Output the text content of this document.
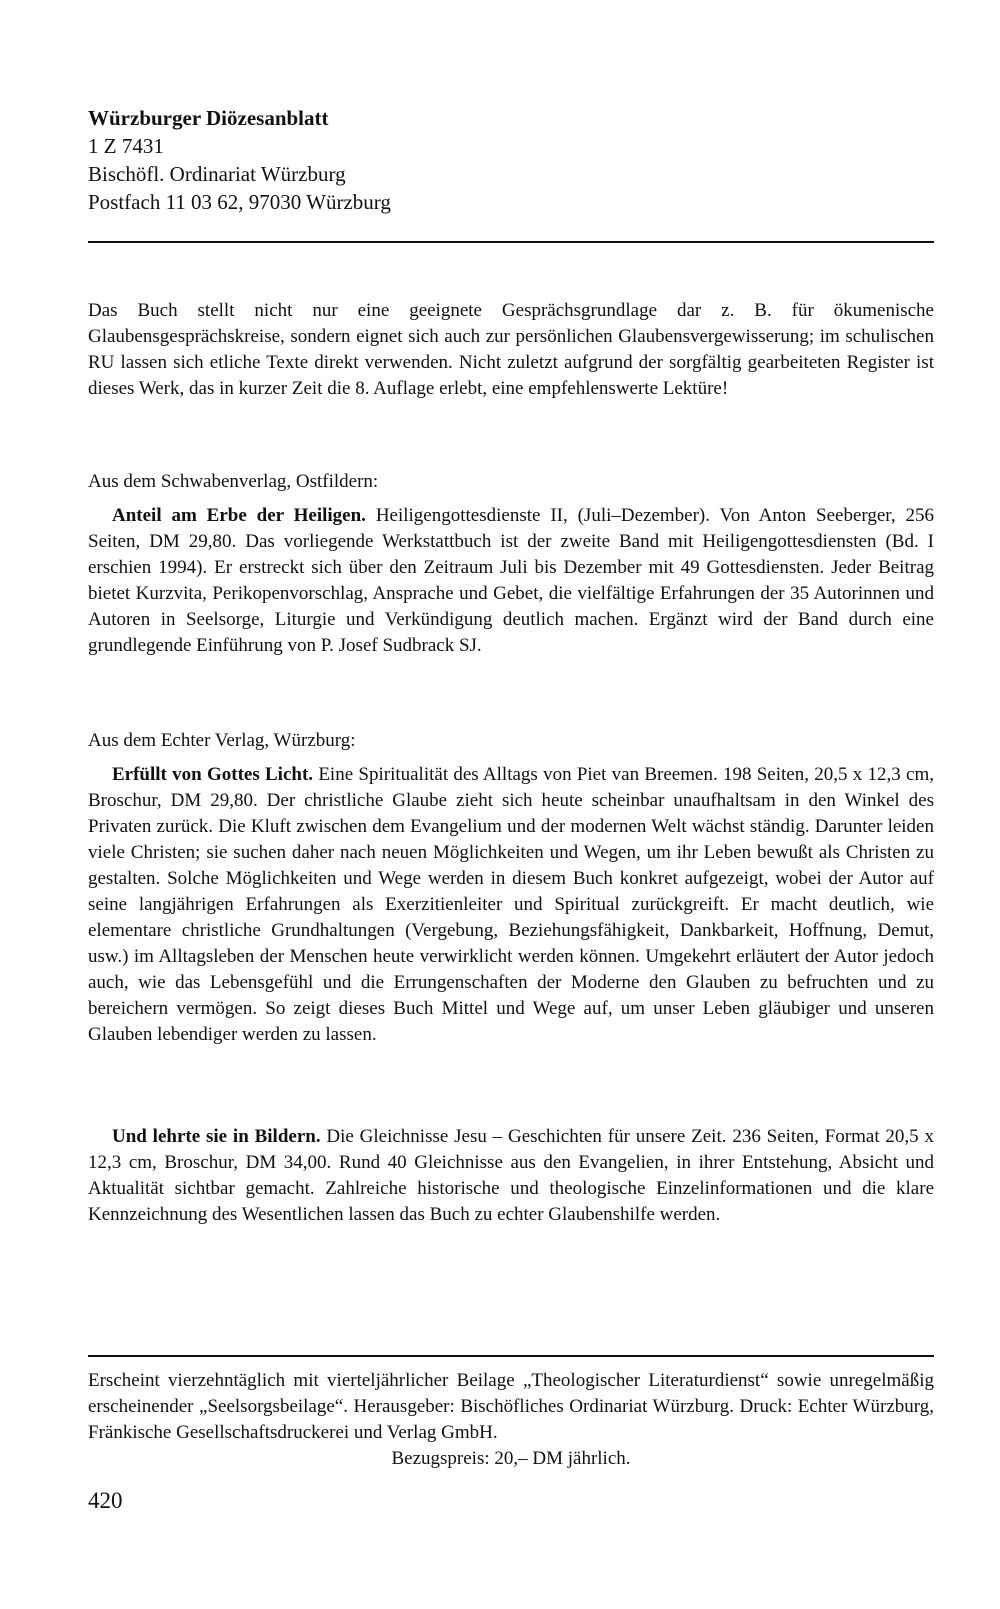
Würzburger Diözesanblatt
1 Z 7431
Bischöfl. Ordinariat Würzburg
Postfach 11 03 62, 97030 Würzburg
Das Buch stellt nicht nur eine geeignete Gesprächsgrundlage dar z. B. für ökumenische Glaubensgesprächskreise, sondern eignet sich auch zur persönlichen Glaubensvergewisserung; im schulischen RU lassen sich etliche Texte direkt verwenden. Nicht zuletzt aufgrund der sorgfältig gearbeiteten Register ist dieses Werk, das in kurzer Zeit die 8. Auflage erlebt, eine empfehlenswerte Lektüre!
Aus dem Schwabenverlag, Ostfildern:
Anteil am Erbe der Heiligen. Heiligengottesdienste II, (Juli–Dezember). Von Anton Seeberger, 256 Seiten, DM 29,80. Das vorliegende Werkstattbuch ist der zweite Band mit Heiligengottesdiensten (Bd. I erschien 1994). Er erstreckt sich über den Zeitraum Juli bis Dezember mit 49 Gottesdiensten. Jeder Beitrag bietet Kurzvita, Perikopenvorschlag, Ansprache und Gebet, die vielfältige Erfahrungen der 35 Autorinnen und Autoren in Seelsorge, Liturgie und Verkündigung deutlich machen. Ergänzt wird der Band durch eine grundlegende Einführung von P. Josef Sudbrack SJ.
Aus dem Echter Verlag, Würzburg:
Erfüllt von Gottes Licht. Eine Spiritualität des Alltags von Piet van Breemen. 198 Seiten, 20,5 x 12,3 cm, Broschur, DM 29,80. Der christliche Glaube zieht sich heute scheinbar unaufhaltsam in den Winkel des Privaten zurück. Die Kluft zwischen dem Evangelium und der modernen Welt wächst ständig. Darunter leiden viele Christen; sie suchen daher nach neuen Möglichkeiten und Wegen, um ihr Leben bewußt als Christen zu gestalten. Solche Möglichkeiten und Wege werden in diesem Buch konkret aufgezeigt, wobei der Autor auf seine langjährigen Erfahrungen als Exerzitienleiter und Spiritual zurückgreift. Er macht deutlich, wie elementare christliche Grundhaltungen (Vergebung, Beziehungsfähigkeit, Dankbarkeit, Hoffnung, Demut, usw.) im Alltagsleben der Menschen heute verwirklicht werden können. Umgekehrt erläutert der Autor jedoch auch, wie das Lebensgefühl und die Errungenschaften der Moderne den Glauben zu befruchten und zu bereichern vermögen. So zeigt dieses Buch Mittel und Wege auf, um unser Leben gläubiger und unseren Glauben lebendiger werden zu lassen.
Und lehrte sie in Bildern. Die Gleichnisse Jesu – Geschichten für unsere Zeit. 236 Seiten, Format 20,5 x 12,3 cm, Broschur, DM 34,00. Rund 40 Gleichnisse aus den Evangelien, in ihrer Entstehung, Absicht und Aktualität sichtbar gemacht. Zahlreiche historische und theologische Einzelinformationen und die klare Kennzeichnung des Wesentlichen lassen das Buch zu echter Glaubenshilfe werden.
Erscheint vierzehntäglich mit vierteljährlicher Beilage „Theologischer Literaturdienst“ sowie unregelmäßig erscheinender „Seelsorgsbeilage“. Herausgeber: Bischöfliches Ordinariat Würzburg. Druck: Echter Würzburg, Fränkische Gesellschaftsdruckerei und Verlag GmbH.
Bezugspreis: 20,– DM jährlich.
420
